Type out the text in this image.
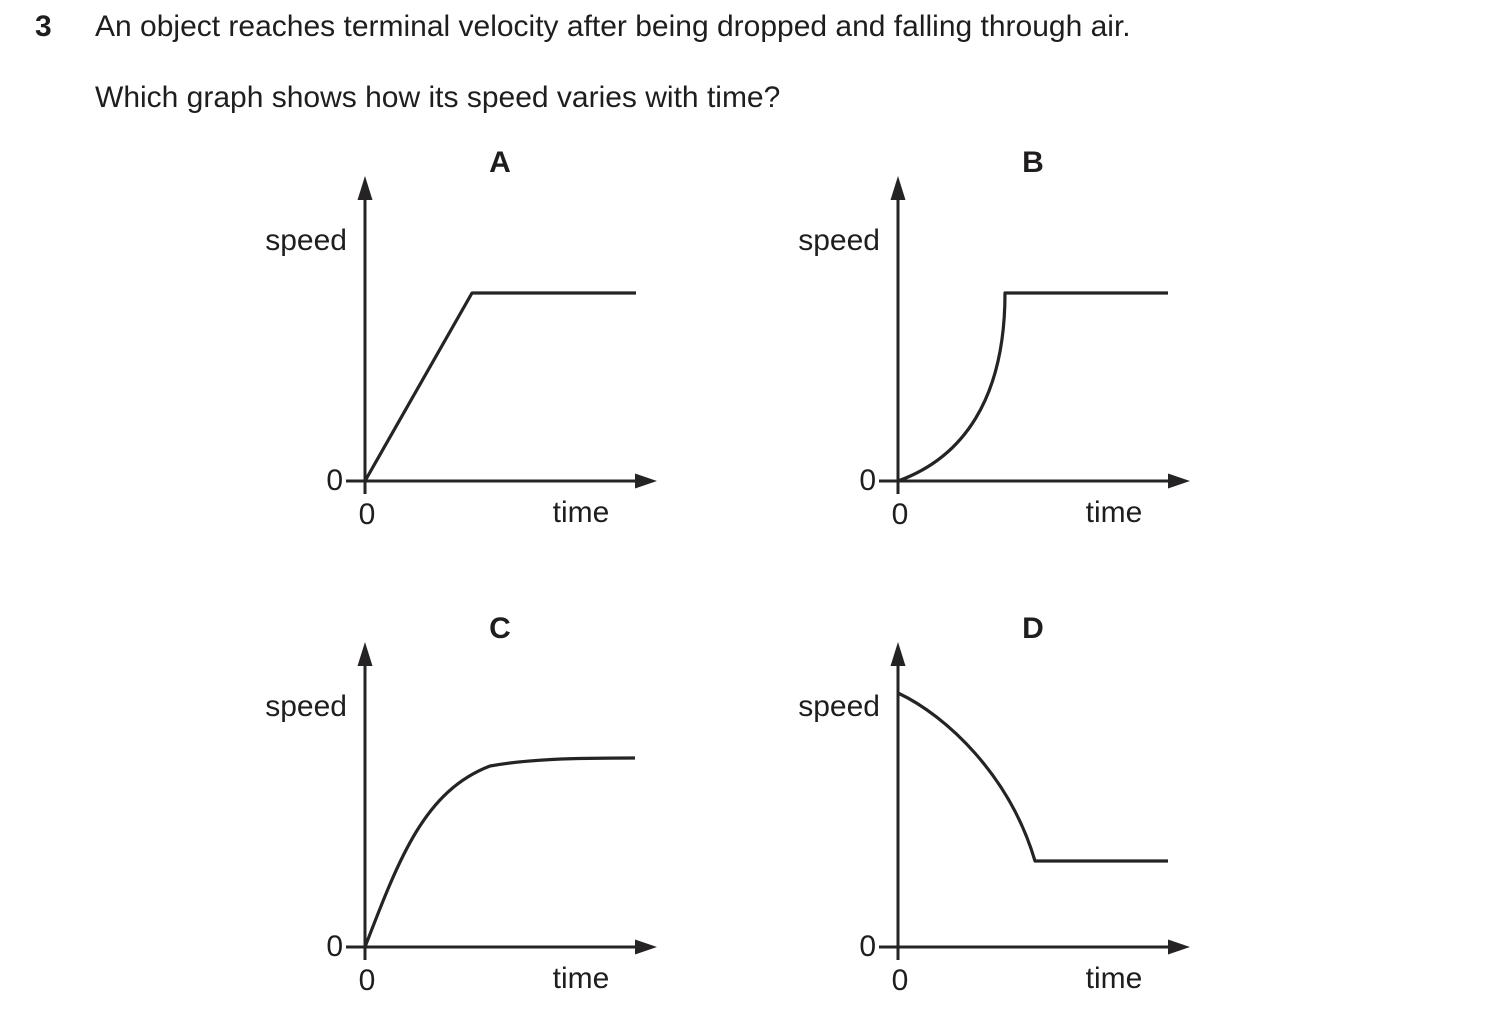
3 An object reaches terminal velocity after being dropped and falling through air.
Which graph shows how its speed varies with time?
A
speed
time
0
0
B
speed
time
0
0
C
speed
time
0
0
D
speed
time
0
0
